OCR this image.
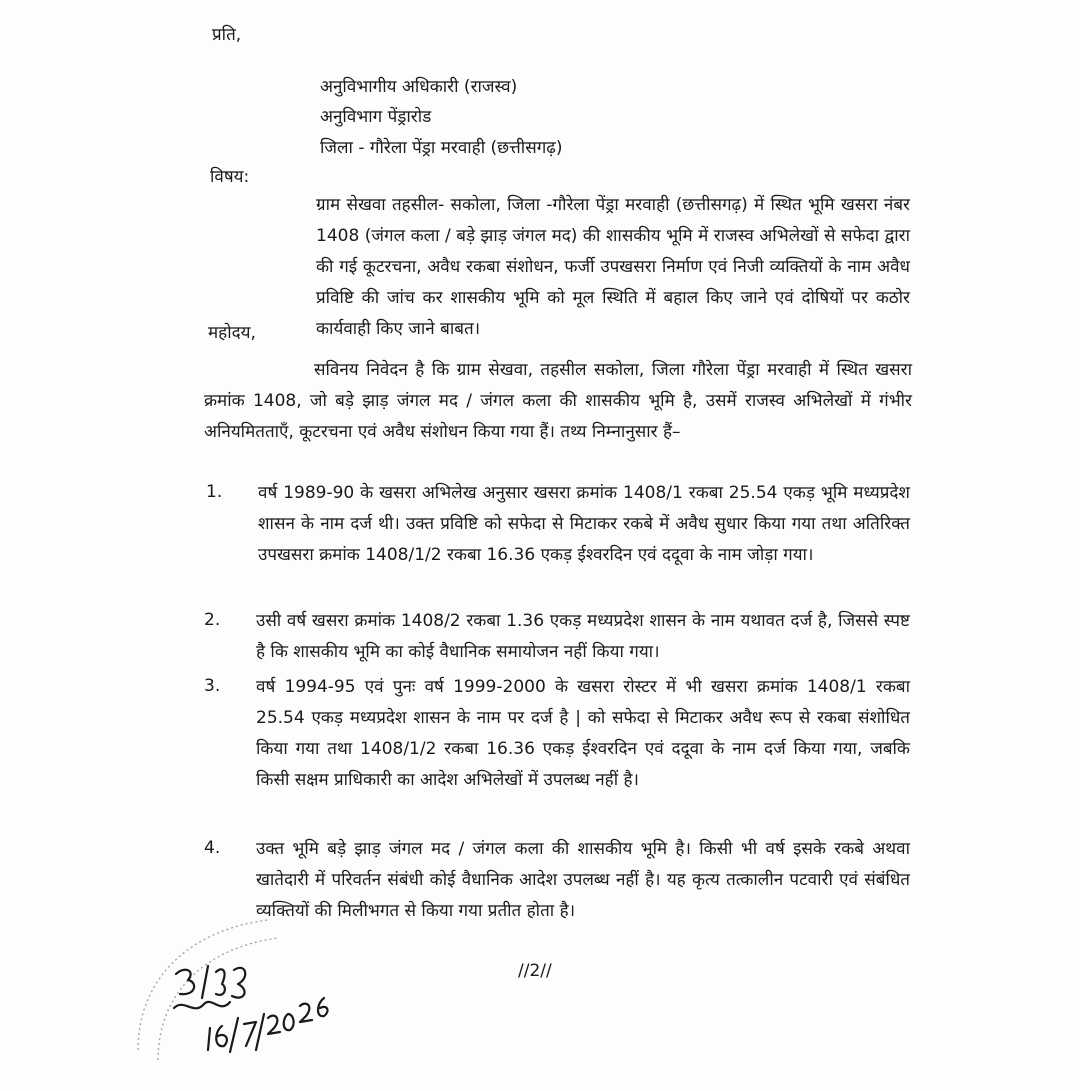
प्रति,
अनुविभागीय अधिकारी (राजस्व)
अनुविभाग पेंड्रारोड
जिला - गौरेला पेंड्रा मरवाही (छत्तीसगढ़)
विषय:
ग्राम सेखवा तहसील- सकोला, जिला -गौरेला पेंड्रा मरवाही (छत्तीसगढ़) में स्थित भूमि खसरा नंबर 1408 (जंगल कला / बड़े झाड़ जंगल मद) की शासकीय भूमि में राजस्व अभिलेखों से सफेदा द्वारा की गई कूटरचना, अवैध रकबा संशोधन, फर्जी उपखसरा निर्माण एवं निजी व्यक्तियों के नाम अवैध प्रविष्टि की जांच कर शासकीय भूमि को मूल स्थिति में बहाल किए जाने एवं दोषियों पर कठोर कार्यवाही किए जाने बाबत।
महोदय,
सविनय निवेदन है कि ग्राम सेखवा, तहसील सकोला, जिला गौरेला पेंड्रा मरवाही में स्थित खसरा क्रमांक 1408, जो बड़े झाड़ जंगल मद / जंगल कला की शासकीय भूमि है, उसमें राजस्व अभिलेखों में गंभीर अनियमितताएँ, कूटरचना एवं अवैध संशोधन किया गया हैं। तथ्य निम्नानुसार हैं–
1. वर्ष 1989-90 के खसरा अभिलेख अनुसार खसरा क्रमांक 1408/1 रकबा 25.54 एकड़ भूमि मध्यप्रदेश शासन के नाम दर्ज थी। उक्त प्रविष्टि को सफेदा से मिटाकर रकबे में अवैध सुधार किया गया तथा अतिरिक्त उपखसरा क्रमांक 1408/1/2 रकबा 16.36 एकड़ ईश्वरदिन एवं ददूवा के नाम जोड़ा गया।
2. उसी वर्ष खसरा क्रमांक 1408/2 रकबा 1.36 एकड़ मध्यप्रदेश शासन के नाम यथावत दर्ज है, जिससे स्पष्ट है कि शासकीय भूमि का कोई वैधानिक समायोजन नहीं किया गया।
3. वर्ष 1994-95 एवं पुनः वर्ष 1999-2000 के खसरा रोस्टर में भी खसरा क्रमांक 1408/1 रकबा 25.54 एकड़ मध्यप्रदेश शासन के नाम पर दर्ज है | को सफेदा से मिटाकर अवैध रूप से रकबा संशोधित किया गया तथा 1408/1/2 रकबा 16.36 एकड़ ईश्वरदिन एवं ददूवा के नाम दर्ज किया गया, जबकि किसी सक्षम प्राधिकारी का आदेश अभिलेखों में उपलब्ध नहीं है।
4. उक्त भूमि बड़े झाड़ जंगल मद / जंगल कला की शासकीय भूमि है। किसी भी वर्ष इसके रकबे अथवा खातेदारी में परिवर्तन संबंधी कोई वैधानिक आदेश उपलब्ध नहीं है। यह कृत्य तत्कालीन पटवारी एवं संबंधित व्यक्तियों की मिलीभगत से किया गया प्रतीत होता है।
//2//
